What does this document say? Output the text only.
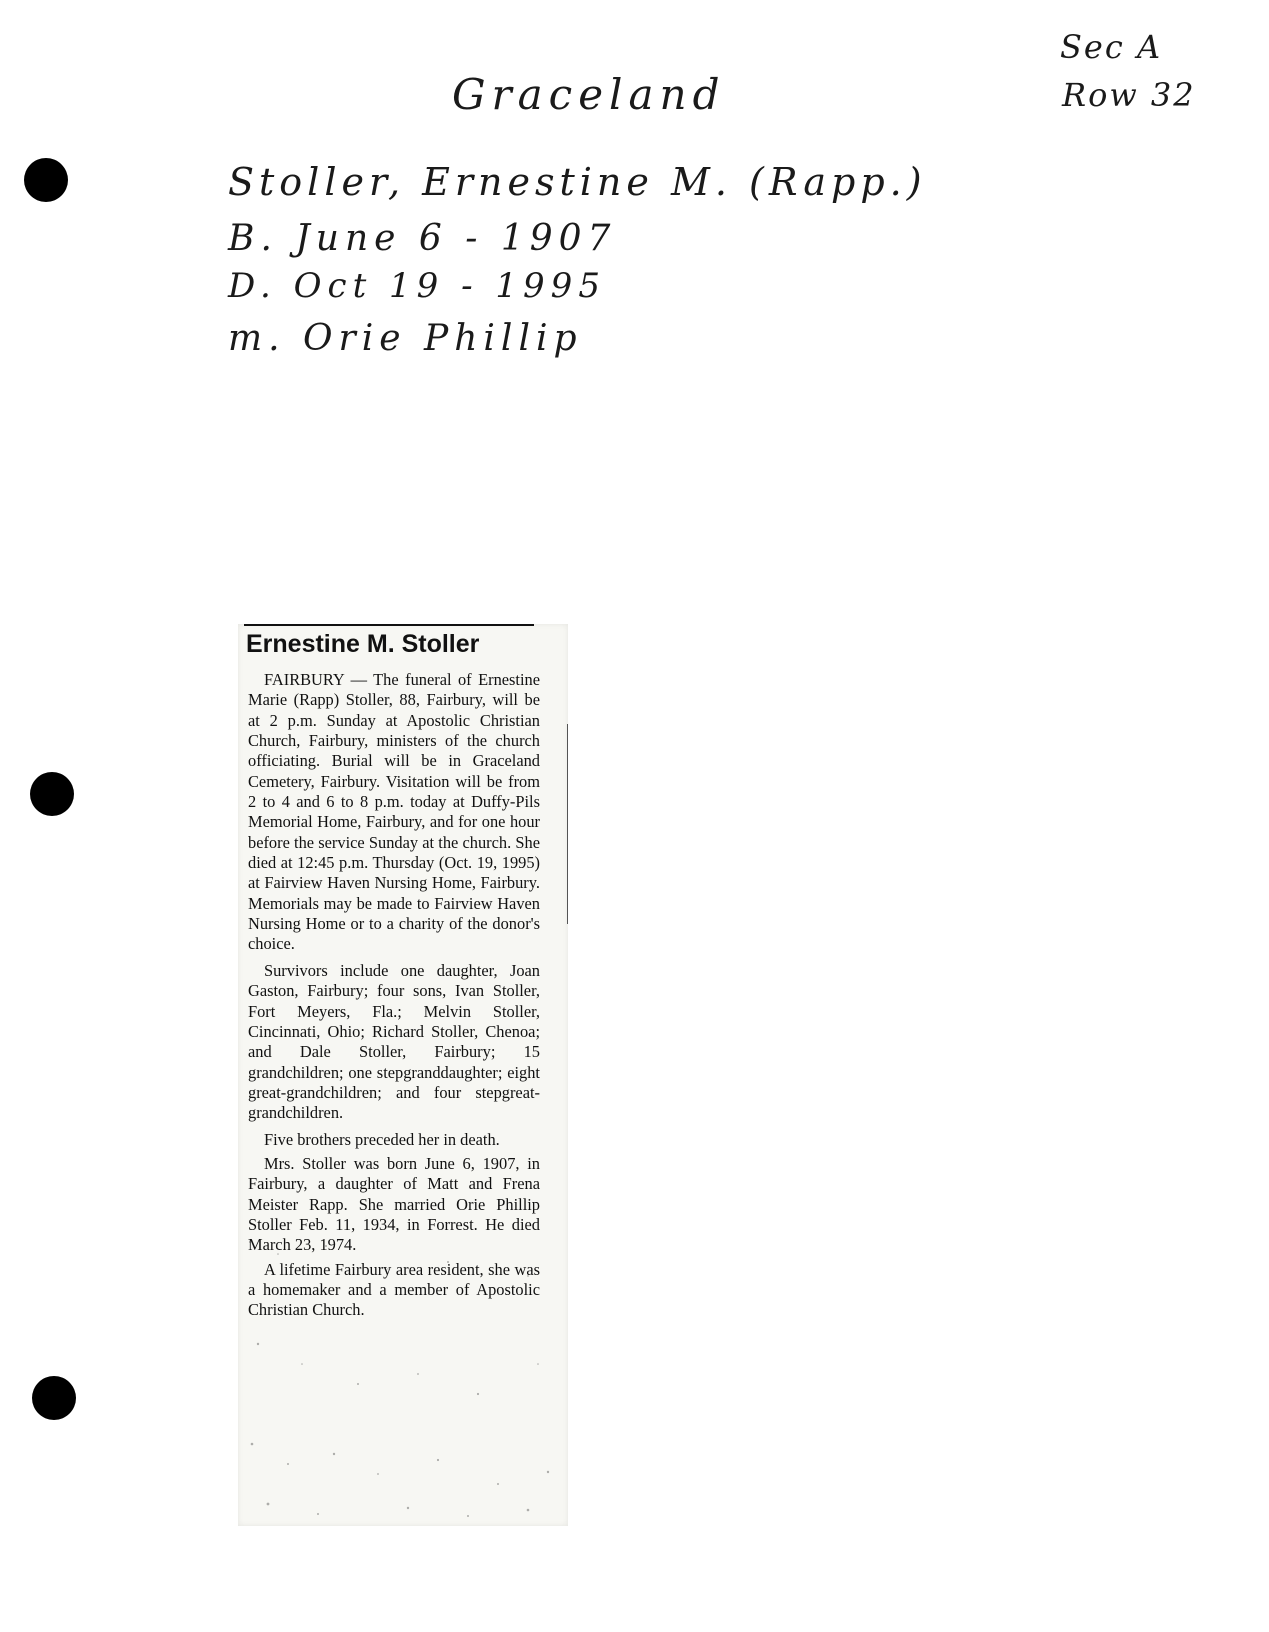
Graceland
Sec A
Row 32
Stoller, Ernestine M. (Rapp.)
B. June 6 - 1907
D. Oct 19 - 1995
m. Orie Phillip
Ernestine M. Stoller

FAIRBURY — The funeral of Ernestine Marie (Rapp) Stoller, 88, Fairbury, will be at 2 p.m. Sunday at Apostolic Christian Church, Fairbury, ministers of the church officiating. Burial will be in Graceland Cemetery, Fairbury. Visitation will be from 2 to 4 and 6 to 8 p.m. today at Duffy-Pils Memorial Home, Fairbury, and for one hour before the service Sunday at the church. She died at 12:45 p.m. Thursday (Oct. 19, 1995) at Fairview Haven Nursing Home, Fairbury. Memorials may be made to Fairview Haven Nursing Home or to a charity of the donor's choice.

Survivors include one daughter, Joan Gaston, Fairbury; four sons, Ivan Stoller, Fort Meyers, Fla.; Melvin Stoller, Cincinnati, Ohio; Richard Stoller, Chenoa; and Dale Stoller, Fairbury; 15 grandchildren; one stepgranddaughter; eight great-grandchildren; and four stepgreat-grandchildren.

Five brothers preceded her in death.

Mrs. Stoller was born June 6, 1907, in Fairbury, a daughter of Matt and Frena Meister Rapp. She married Orie Phillip Stoller Feb. 11, 1934, in Forrest. He died March 23, 1974.

A lifetime Fairbury area resident, she was a homemaker and a member of Apostolic Christian Church.
